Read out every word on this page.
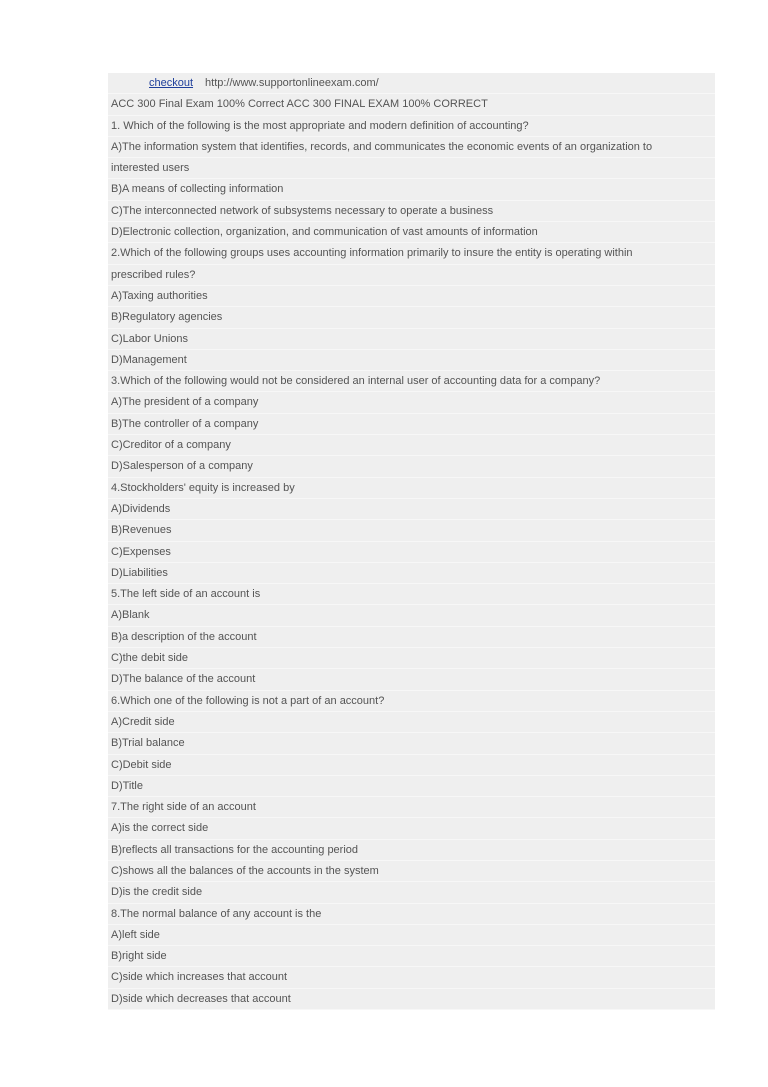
checkout http://www.supportonlineexam.com/
ACC 300 Final Exam 100% Correct ACC 300 FINAL EXAM 100% CORRECT
1. Which of the following is the most appropriate and modern definition of accounting?
A)The information system that identifies, records, and communicates the economic events of an organization to
interested users
B)A means of collecting information
C)The interconnected network of subsystems necessary to operate a business
D)Electronic collection, organization, and communication of vast amounts of information
2.Which of the following groups uses accounting information primarily to insure the entity is operating within
prescribed rules?
A)Taxing authorities
B)Regulatory agencies
C)Labor Unions
D)Management
3.Which of the following would not be considered an internal user of accounting data for a company?
A)The president of a company
B)The controller of a company
C)Creditor of a company
D)Salesperson of a company
4.Stockholders' equity is increased by
A)Dividends
B)Revenues
C)Expenses
D)Liabilities
5.The left side of an account is
A)Blank
B)a description of the account
C)the debit side
D)The balance of the account
6.Which one of the following is not a part of an account?
A)Credit side
B)Trial balance
C)Debit side
D)Title
7.The right side of an account
A)is the correct side
B)reflects all transactions for the accounting period
C)shows all the balances of the accounts in the system
D)is the credit side
8.The normal balance of any account is the
A)left side
B)right side
C)side which increases that account
D)side which decreases that account
